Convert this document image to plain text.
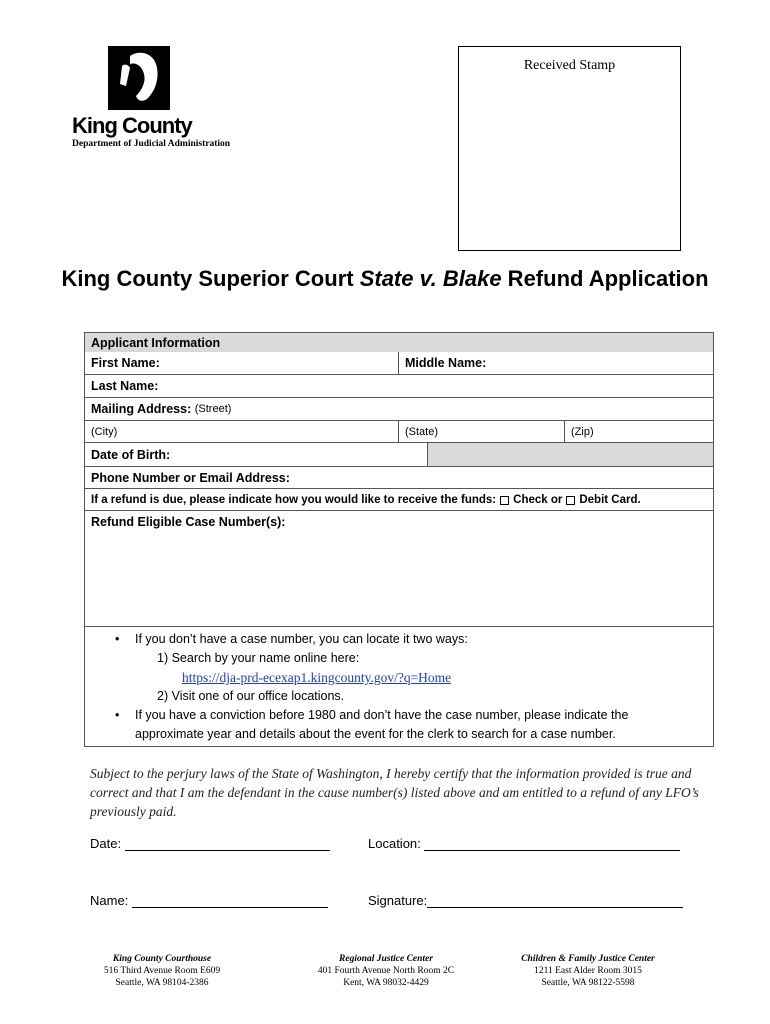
King County
Department of Judicial Administration
Received Stamp
King County Superior Court State v. Blake Refund Application
Applicant Information
First Name:	Middle Name:
Last Name:
Mailing Address:
(Street)
(City)	(State)	(Zip)
Date of Birth:
Phone Number or Email Address:
If a refund is due, please indicate how you would like to receive the funds: Check or Debit Card.
Refund Eligible Case Number(s):
• If you don’t have a case number, you can locate it two ways:
1) Search by your name online here:
https://dja-prd-ecexap1.kingcounty.gov/?q=Home
2) Visit one of our office locations.
• If you have a conviction before 1980 and don’t have the case number, please indicate the
approximate year and details about the event for the clerk to search for a case number.
Subject to the perjury laws of the State of Washington, I hereby certify that the information provided is true and correct and that I am the defendant in the cause number(s) listed above and am entitled to a refund of any LFO’s previously paid.
Date:	Location:
Name:	Signature:
King County Courthouse
516 Third Avenue Room E609
Seattle, WA 98104-2386
Regional Justice Center
401 Fourth Avenue North Room 2C
Kent, WA 98032-4429
Children & Family Justice Center
1211 East Alder Room 3015
Seattle, WA 98122-5598
